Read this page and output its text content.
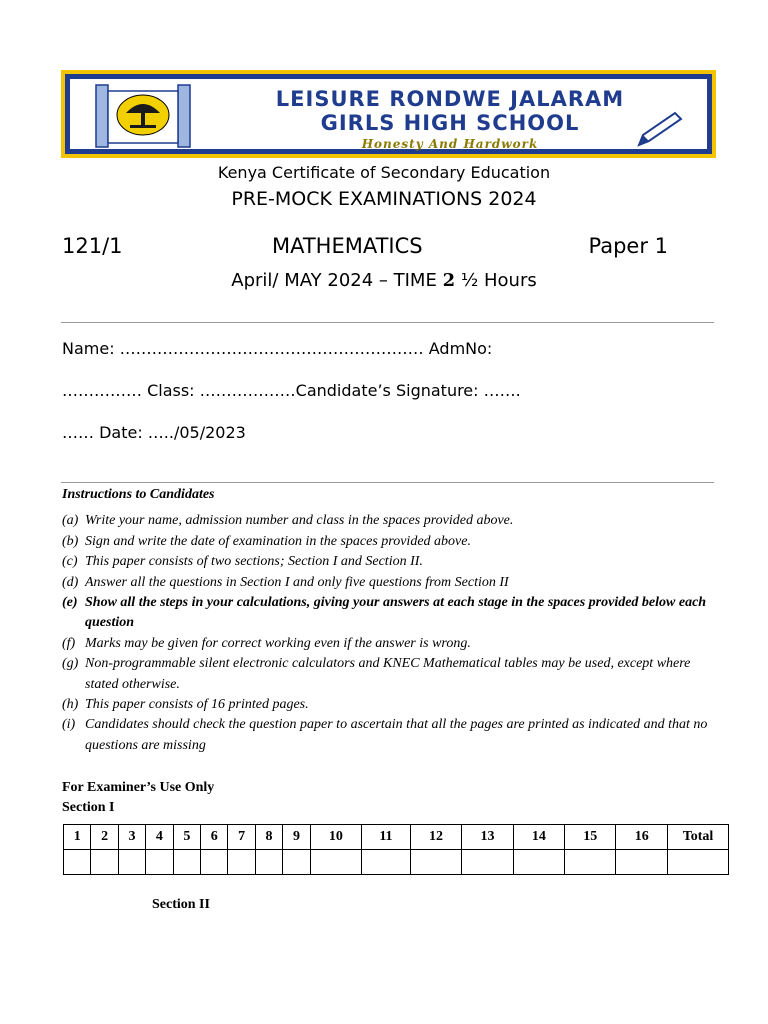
LEISURE RONDWE JALARAM
GIRLS HIGH SCHOOL
Honesty And Hardwork
Kenya Certificate of Secondary Education
PRE-MOCK EXAMINATIONS 2024
121/1	MATHEMATICS	Paper 1
April/ MAY 2024 – TIME 2 ½ Hours
Name: ………………………………………………… AdmNo:
…………… Class: ………………Candidate’s Signature: …….
…… Date: …../05/2023
Instructions to Candidates
(a) Write your name, admission number and class in the spaces provided above.
(b) Sign and write the date of examination in the spaces provided above.
(c) This paper consists of two sections; Section I and Section II.
(d) Answer all the questions in Section I and only five questions from Section II
(e) Show all the steps in your calculations, giving your answers at each stage in the spaces provided below each question
(f) Marks may be given for correct working even if the answer is wrong.
(g) Non-programmable silent electronic calculators and KNEC Mathematical tables may be used, except where stated otherwise.
(h) This paper consists of 16 printed pages.
(i) Candidates should check the question paper to ascertain that all the pages are printed as indicated and that no questions are missing
For Examiner’s Use Only
Section I
1	2	3	4	5	6	7	8	9	10	11	12	13	14	15	16	Total

Section II
